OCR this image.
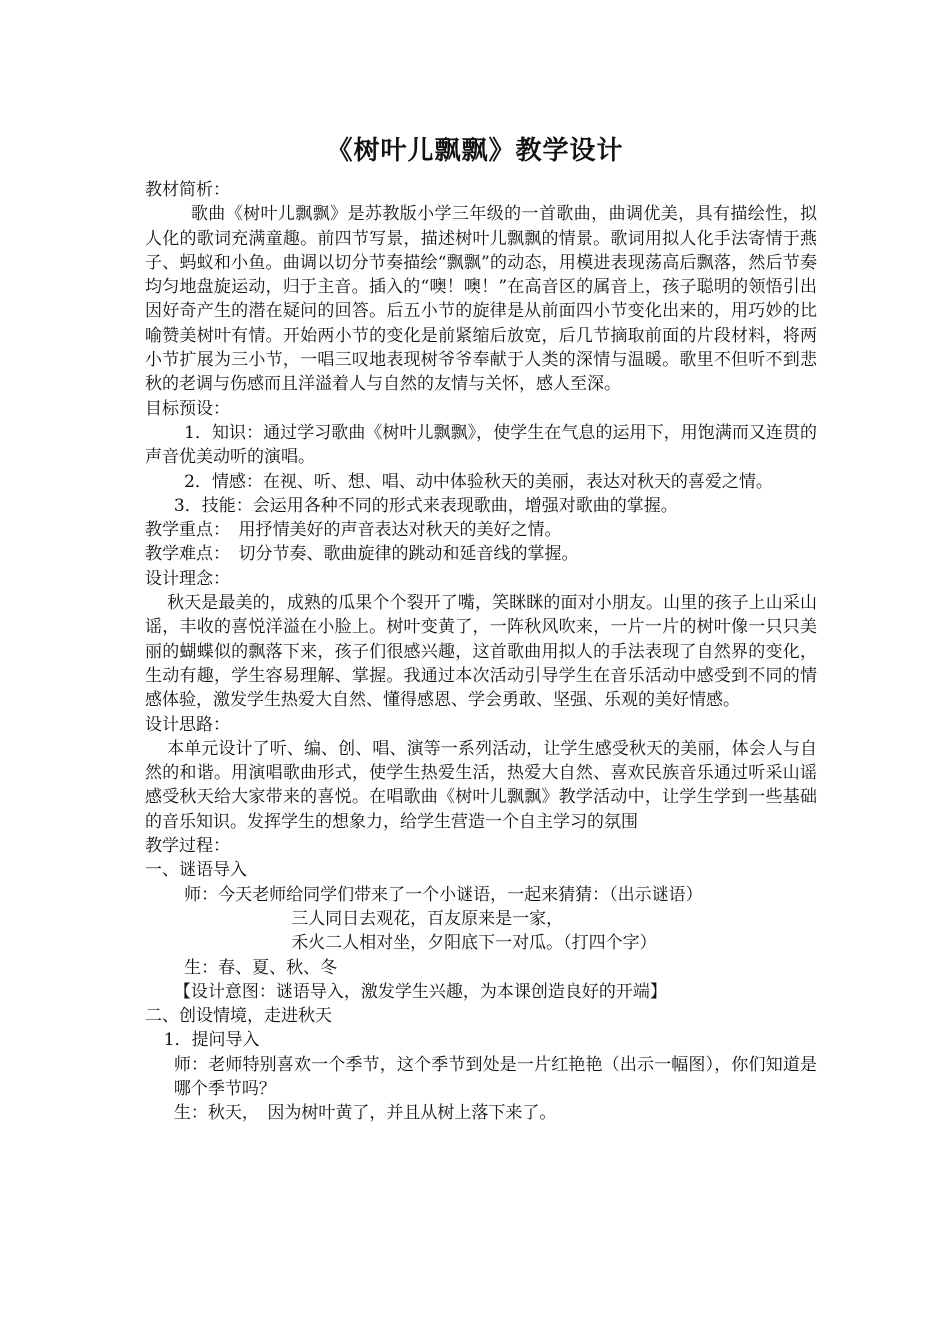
《树叶儿飘飘》教学设计

教材简析：

歌曲《树叶儿飘飘》是苏教版小学三年级的一首歌曲，曲调优美，具有描绘性，拟人化的歌词充满童趣。前四节写景，描述树叶儿飘飘的情景。歌词用拟人化手法寄情于燕子、蚂蚁和小鱼。曲调以切分节奏描绘“飘飘”的动态，用模进表现荡高后飘落，然后节奏均匀地盘旋运动，归于主音。插入的“噢！噢！”在高音区的属音上，孩子聪明的领悟引出因好奇产生的潜在疑问的回答。后五小节的旋律是从前面四小节变化出来的，用巧妙的比喻赞美树叶有情。开始两小节的变化是前紧缩后放宽，后几节摘取前面的片段材料，将两小节扩展为三小节，一唱三叹地表现树爷爷奉献于人类的深情与温暖。歌里不但听不到悲秋的老调与伤感而且洋溢着人与自然的友情与关怀，感人至深。

目标预设：

1．知识：通过学习歌曲《树叶儿飘飘》，使学生在气息的运用下，用饱满而又连贯的声音优美动听的演唱。

2．情感：在视、听、想、唱、动中体验秋天的美丽，表达对秋天的喜爱之情。

3．技能：会运用各种不同的形式来表现歌曲，增强对歌曲的掌握。

教学重点：　用抒情美好的声音表达对秋天的美好之情。

教学难点：　切分节奏、歌曲旋律的跳动和延音线的掌握。

设计理念：

秋天是最美的，成熟的瓜果个个裂开了嘴，笑眯眯的面对小朋友。山里的孩子上山采山谣，丰收的喜悦洋溢在小脸上。树叶变黄了，一阵秋风吹来，一片一片的树叶像一只只美丽的蝴蝶似的飘落下来，孩子们很感兴趣，这首歌曲用拟人的手法表现了自然界的变化，生动有趣，学生容易理解、掌握。我通过本次活动引导学生在音乐活动中感受到不同的情感体验，激发学生热爱大自然、懂得感恩、学会勇敢、坚强、乐观的美好情感。

设计思路：

本单元设计了听、编、创、唱、演等一系列活动，让学生感受秋天的美丽，体会人与自然的和谐。用演唱歌曲形式，使学生热爱生活，热爱大自然、喜欢民族音乐通过听采山谣感受秋天给大家带来的喜悦。在唱歌曲《树叶儿飘飘》教学活动中，让学生学到一些基础的音乐知识。发挥学生的想象力，给学生营造一个自主学习的氛围

教学过程：

一、谜语导入

师：今天老师给同学们带来了一个小谜语，一起来猜猜：（出示谜语）

三人同日去观花，百友原来是一家，

禾火二人相对坐，夕阳底下一对瓜。（打四个字）

生：春、夏、秋、冬

【设计意图：谜语导入，激发学生兴趣，为本课创造良好的开端】

二、创设情境，走进秋天

1．提问导入

师：老师特别喜欢一个季节，这个季节到处是一片红艳艳（出示一幅图），你们知道是哪个季节吗？

生：秋天，　因为树叶黄了，并且从树上落下来了。
